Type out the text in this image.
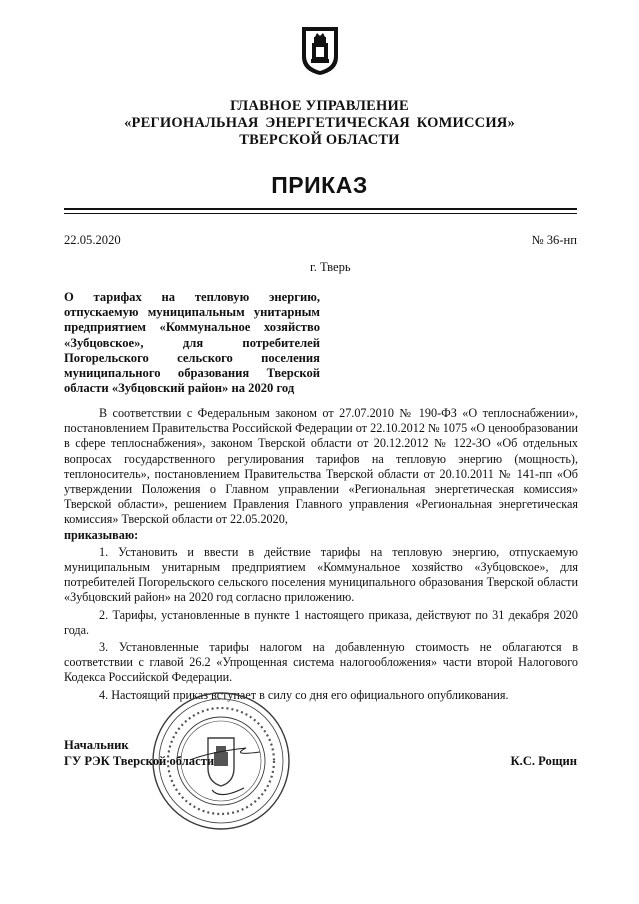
ГЛАВНОЕ УПРАВЛЕНИЕ
«РЕГИОНАЛЬНАЯ ЭНЕРГЕТИЧЕСКАЯ КОМИССИЯ»
ТВЕРСКОЙ ОБЛАСТИ
ПРИКАЗ
22.05.2020	№ 36-нп
г. Тверь
О тарифах на тепловую энергию,
отпускаемую муниципальным унитарным
предприятием «Коммунальное хозяйство
«Зубцовское», для потребителей
Погорельского сельского поселения
муниципального образования Тверской
области «Зубцовский район» на 2020 год

В соответствии с Федеральным законом от 27.07.2010 № 190-ФЗ «О теплоснабжении», постановлением Правительства Российской Федерации от 22.10.2012 № 1075 «О ценообразовании в сфере теплоснабжения», законом Тверской области от 20.12.2012 № 122-ЗО «Об отдельных вопросах государственного регулирования тарифов на тепловую энергию (мощность), теплоноситель», постановлением Правительства Тверской области от 20.10.2011 № 141-пп «Об утверждении Положения о Главном управлении «Региональная энергетическая комиссия» Тверской области», решением Правления Главного управления «Региональная энергетическая комиссия» Тверской области от 22.05.2020,

приказываю:

1. Установить и ввести в действие тарифы на тепловую энергию, отпускаемую муниципальным унитарным предприятием «Коммунальное хозяйство «Зубцовское», для потребителей Погорельского сельского поселения муниципального образования Тверской области «Зубцовский район» на 2020 год согласно приложению.

2. Тарифы, установленные в пункте 1 настоящего приказа, действуют по 31 декабря 2020 года.

3. Установленные тарифы налогом на добавленную стоимость не облагаются в соответствии с главой 26.2 «Упрощенная система налогообложения» части второй Налогового Кодекса Российской Федерации.

4. Настоящий приказ вступает в силу со дня его официального опубликования.

Начальник
ГУ РЭК Тверской области	К.С. Рощин
